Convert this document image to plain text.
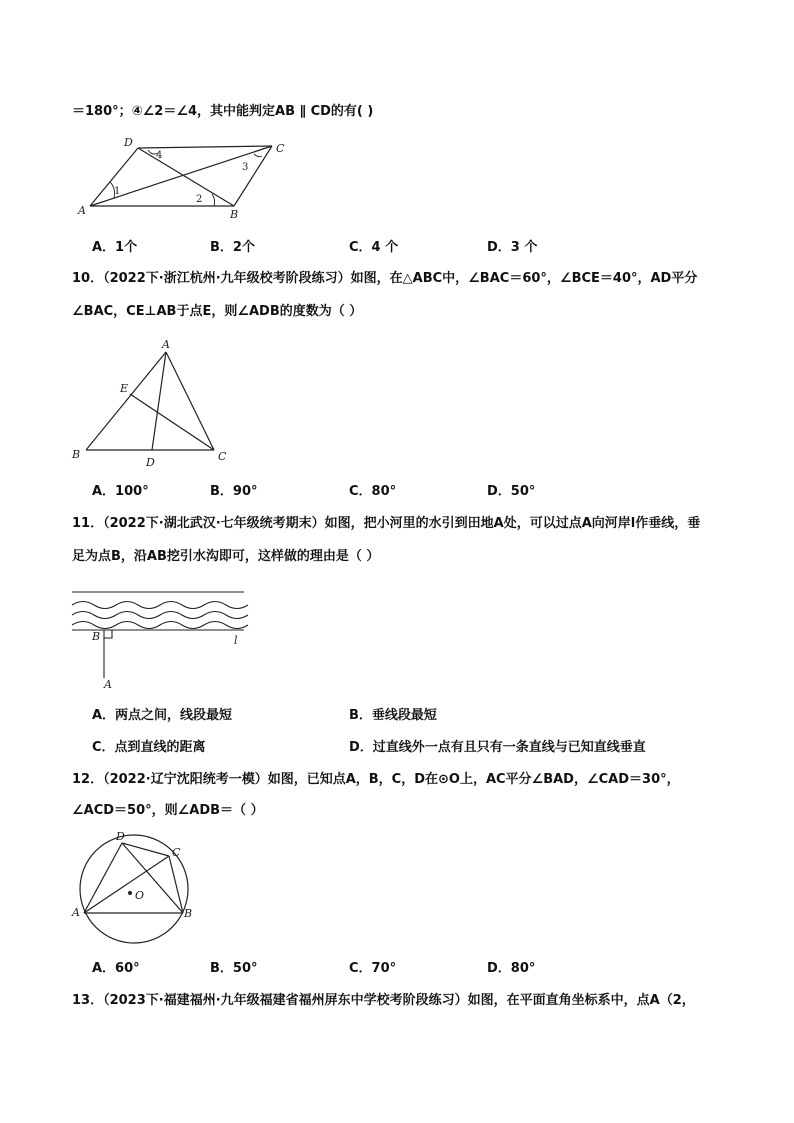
＝180°；④∠2＝∠4，其中能判定AB ∥ CD的有( )
D	C
A	B
1
2
3
4
A．1个	B．2个	C．4 个	D．3 个
10．（2022下·浙江杭州·九年级校考阶段练习）如图，在△ABC中，∠BAC＝60°，∠BCE＝40°，AD平分
∠BAC，CE⊥AB于点E，则∠ADB的度数为（ ）
A
E
B
D	C
A．100°	B．90°	C．80°	D．50°
11．（2022下·湖北武汉·七年级统考期末）如图，把小河里的水引到田地A处，可以过点A向河岸l作垂线，垂
足为点B，沿AB挖引水沟即可，这样做的理由是（ ）
B	l
A
A．两点之间，线段最短	B．垂线段最短
C．点到直线的距离	D．过直线外一点有且只有一条直线与已知直线垂直
12．（2022·辽宁沈阳统考一模）如图，已知点A，B，C，D在⊙O上，AC平分∠BAD，∠CAD＝30°，
∠ACD＝50°，则∠ADB＝（ ）
D
C
O
A	B
A．60°	B．50°	C．70°	D．80°
13．（2023下·福建福州·九年级福建省福州屏东中学校考阶段练习）如图，在平面直角坐标系中，点A（2，
